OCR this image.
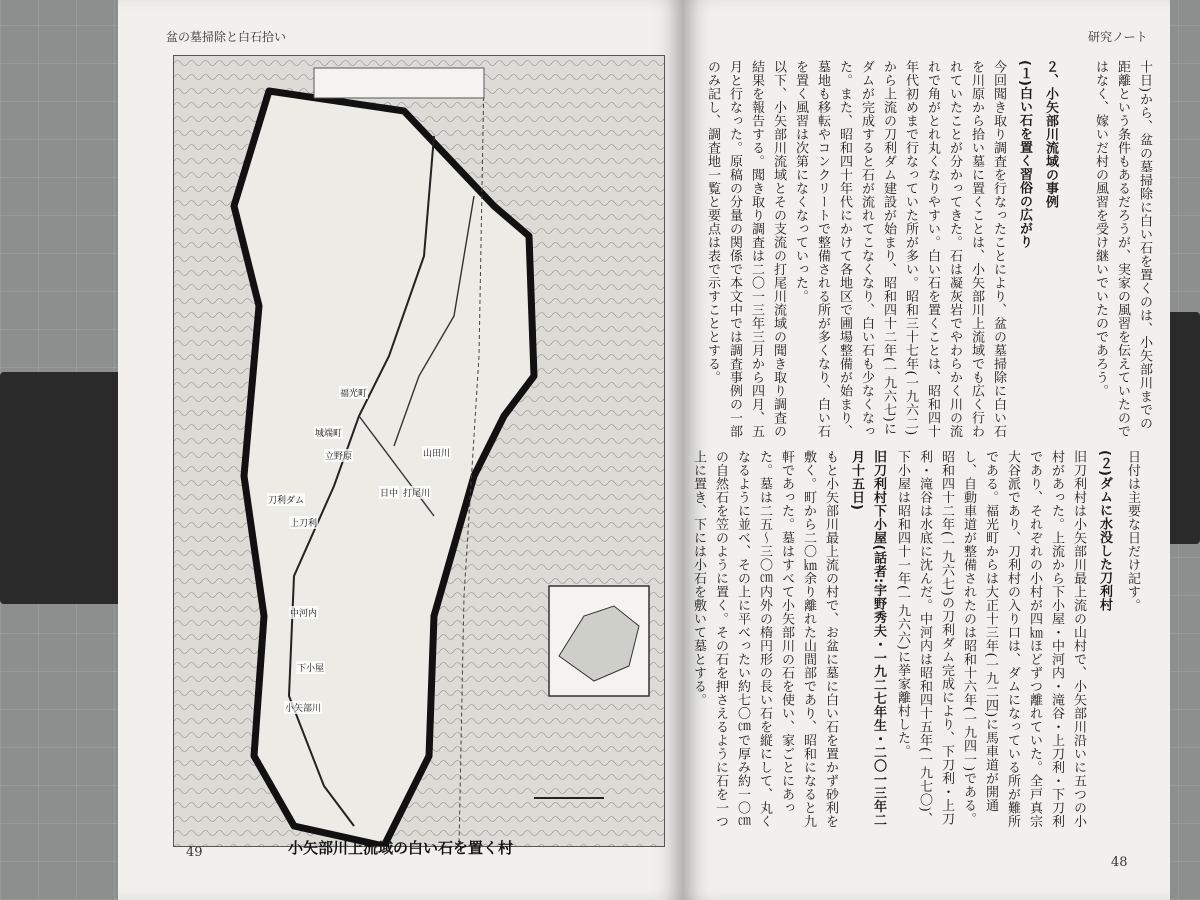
盆の墓掃除と白石拾い
小矢部川
山田川
打尾川
刀利ダム
下小屋
中河内
上刀利
立野原
城端町
福光町
日中
小矢部川上流域の白い石を置く村
49
研究ノート
十日)から、盆の墓掃除に白い石を置くのは、小矢部川までの距離という条件もあるだろうが、実家の風習を伝えていたのではなく、嫁いだ村の風習を受け継いでいたのであろう。
２、小矢部川流域の事例
(１)白い石を置く習俗の広がり
今回聞き取り調査を行なったことにより、盆の墓掃除に白い石を川原から拾い墓に置くことは、小矢部川上流域でも広く行われていたことが分かってきた。石は凝灰岩でやわらかく川の流れで角がとれ丸くなりやすい。白い石を置くことは、昭和四十年代初めまで行なっていた所が多い。昭和三十七年(一九六二)から上流の刀利ダム建設が始まり、昭和四十二年(一九六七)にダムが完成すると石が流れてこなくなり、白い石も少なくなった。また、昭和四十年代にかけて各地区で圃場整備が始まり、墓地も移転やコンクリートで整備される所が多くなり、白い石を置く風習は次第になくなっていった。
以下、小矢部川流域とその支流の打尾川流域の聞き取り調査の結果を報告する。聞き取り調査は二〇一三年三月から四月、五月と行なった。原稿の分量の関係で本文中では調査事例の一部のみ記し、調査地一覧と要点は表で示すこととする。
日付は主要な日だけ記す。
(２)ダムに水没した刀利村
旧刀利村は小矢部川最上流の山村で、小矢部川沿いに五つの小村があった。上流から下小屋・中河内・滝谷・上刀利・下刀利であり、それぞれの小村が四㎞ほどずつ離れていた。全戸真宗大谷派であり、刀利村の入り口は、ダムになっている所が難所である。福光町からは大正十三年(一九二四)に馬車道が開通し、自動車道が整備されたのは昭和十六年(一九四一)である。昭和四十二年(一九六七)の刀利ダム完成により、下刀利・上刀利・滝谷は水底に沈んだ。中河内は昭和四十五年(一九七〇)、下小屋は昭和四十一年(一九六六)に挙家離村した。
旧刀利村下小屋(話者:宇野秀夫・一九二七年生・二〇一三年二月十五日)
もと小矢部川最上流の村で、お盆に墓に白い石を置かず砂利を敷く。町から二〇㎞余り離れた山間部であり、昭和になると九軒であった。墓はすべて小矢部川の石を使い、家ごとにあった。墓は二五〜三〇㎝内外の楕円形の長い石を縦にして、丸くなるように並べ、その上に平べったい約七〇㎝で厚み約一〇㎝の自然石を笠のように置く。その石を押さえるように石を一つ上に置き、下には小石を敷いて墓とする。
48
